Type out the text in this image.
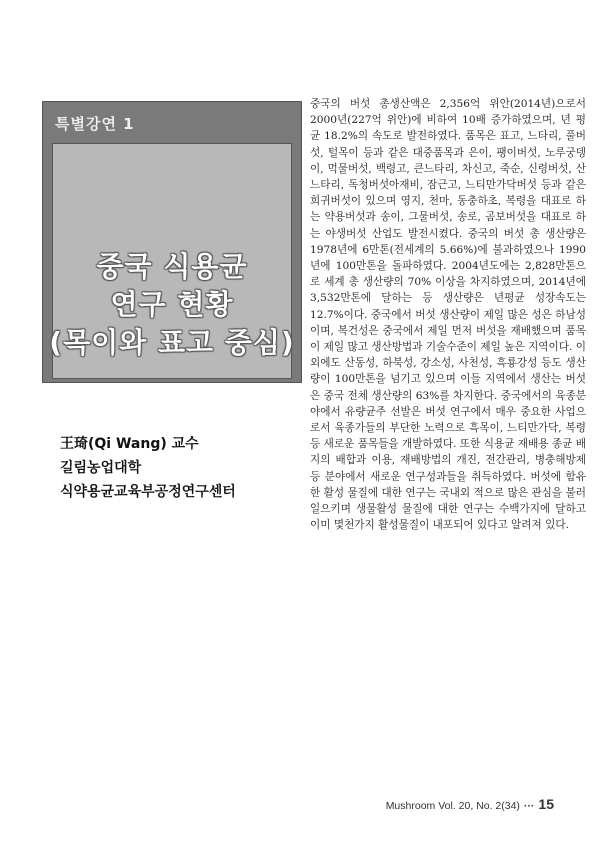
특별강연 1
중국 식용균
연구 현황
(목이와 표고 중심)
王琦(Qi Wang) 교수
길림농업대학
식약용균교육부공정연구센터

중국의 버섯 총생산액은 2,356억 위안(2014년)으로서 2000년(227억 위안)에 비하여 10배 증가하였으며, 년 평균 18.2%의 속도로 발전하였다. 품목은 표고, 느타리, 풀버섯, 털목이 등과 같은 대중품목과 은이, 팽이버섯, 노루궁뎅이, 먹물버섯, 백령고, 큰느타리, 차신고, 죽순, 신령버섯, 산느타리, 독청버섯아재비, 잠근고, 느티만가닥버섯 등과 같은 희귀버섯이 있으며 영지, 천마, 동충하초, 복령을 대표로 하는 약용버섯과 송이, 그물버섯, 송로, 곰보버섯을 대표로 하는 야생버섯 산업도 발전시켰다. 중국의 버섯 총 생산량은 1978년에 6만톤(전세계의 5.66%)에 불과하였으나 1990년에 100만톤을 돌파하였다. 2004년도에는 2,828만톤으로 세계 총 생산량의 70% 이상을 차지하였으며, 2014년에 3,532만톤에 달하는 등 생산량은 년평균 성장속도는 12.7%이다. 중국에서 버섯 생산량이 제일 많은 성은 하남성이며, 복건성은 중국에서 제일 먼저 버섯을 재배했으며 품목이 제일 많고 생산방법과 기술수준이 제일 높은 지역이다. 이 외에도 산동성, 하북성, 강소성, 사천성, 흑룡강성 등도 생산량이 100만톤을 넘기고 있으며 이들 지역에서 생산는 버섯은 중국 전체 생산량의 63%를 차지한다. 중국에서의 육종분야에서 유량균주 선발은 버섯 연구에서 매우 중요한 사업으로서 육종가들의 부단한 노력으로 흑목이, 느티만가닥, 복령 등 새로운 품목들을 개발하였다. 또한 식용균 재배용 종균 배지의 배합과 이용, 재배방법의 개진, 전간관리, 병충해방제 등 분야에서 새로운 연구성과들을 취득하였다. 버섯에 함유한 활성 물질에 대한 연구는 국내외 적으로 많은 관심을 불러일으키며 생물활성 물질에 대한 연구는 수백가지에 달하고 이미 몇천가지 활성물질이 내포되어 있다고 알려져 있다.

Mushroom Vol. 20, No. 2(34) ··· 15
